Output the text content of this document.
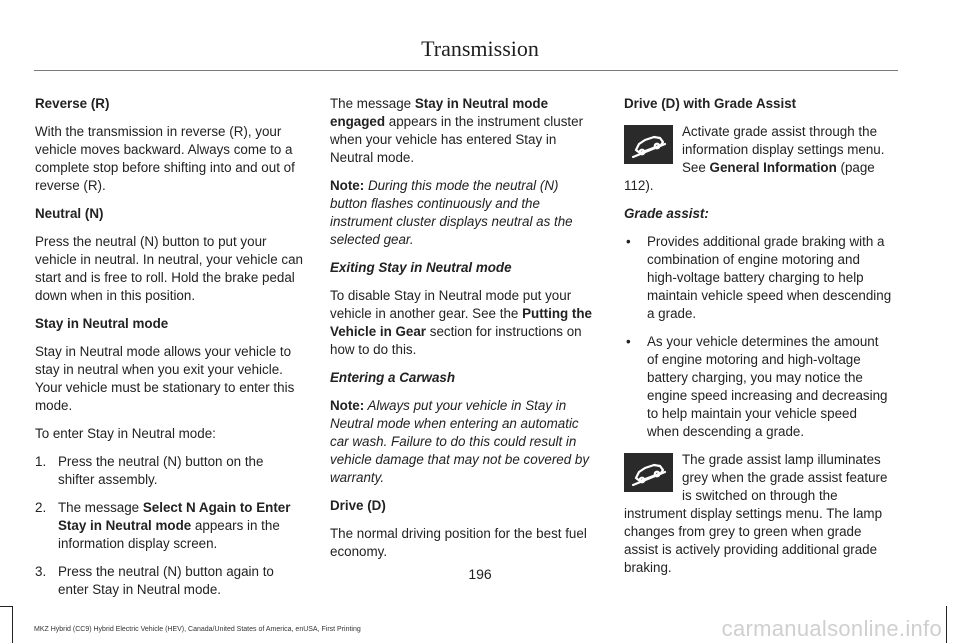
Transmission

Reverse (R)

With the transmission in reverse (R), your vehicle moves backward. Always come to a complete stop before shifting into and out of reverse (R).

Neutral (N)

Press the neutral (N) button to put your vehicle in neutral. In neutral, your vehicle can start and is free to roll. Hold the brake pedal down when in this position.

Stay in Neutral mode

Stay in Neutral mode allows your vehicle to stay in neutral when you exit your vehicle. Your vehicle must be stationary to enter this mode.

To enter Stay in Neutral mode:

1. Press the neutral (N) button on the shifter assembly.
2. The message Select N Again to Enter Stay in Neutral mode appears in the information display screen.
3. Press the neutral (N) button again to enter Stay in Neutral mode.

The message Stay in Neutral mode engaged appears in the instrument cluster when your vehicle has entered Stay in Neutral mode.

Note: During this mode the neutral (N) button flashes continuously and the instrument cluster displays neutral as the selected gear.

Exiting Stay in Neutral mode

To disable Stay in Neutral mode put your vehicle in another gear. See the Putting the Vehicle in Gear section for instructions on how to do this.

Entering a Carwash

Note: Always put your vehicle in Stay in Neutral mode when entering an automatic car wash. Failure to do this could result in vehicle damage that may not be covered by warranty.

Drive (D)

The normal driving position for the best fuel economy.

Drive (D) with Grade Assist

Activate grade assist through the information display settings menu. See General Information (page 112).

Grade assist:

• Provides additional grade braking with a combination of engine motoring and high-voltage battery charging to help maintain vehicle speed when descending a grade.
• As your vehicle determines the amount of engine motoring and high-voltage battery charging, you may notice the engine speed increasing and decreasing to help maintain your vehicle speed when descending a grade.

The grade assist lamp illuminates grey when the grade assist feature is switched on through the instrument display settings menu. The lamp changes from grey to green when grade assist is actively providing additional grade braking.

196
MKZ Hybrid (CC9) Hybrid Electric Vehicle (HEV), Canada/United States of America, enUSA, First Printing	carmanualsonline.info
